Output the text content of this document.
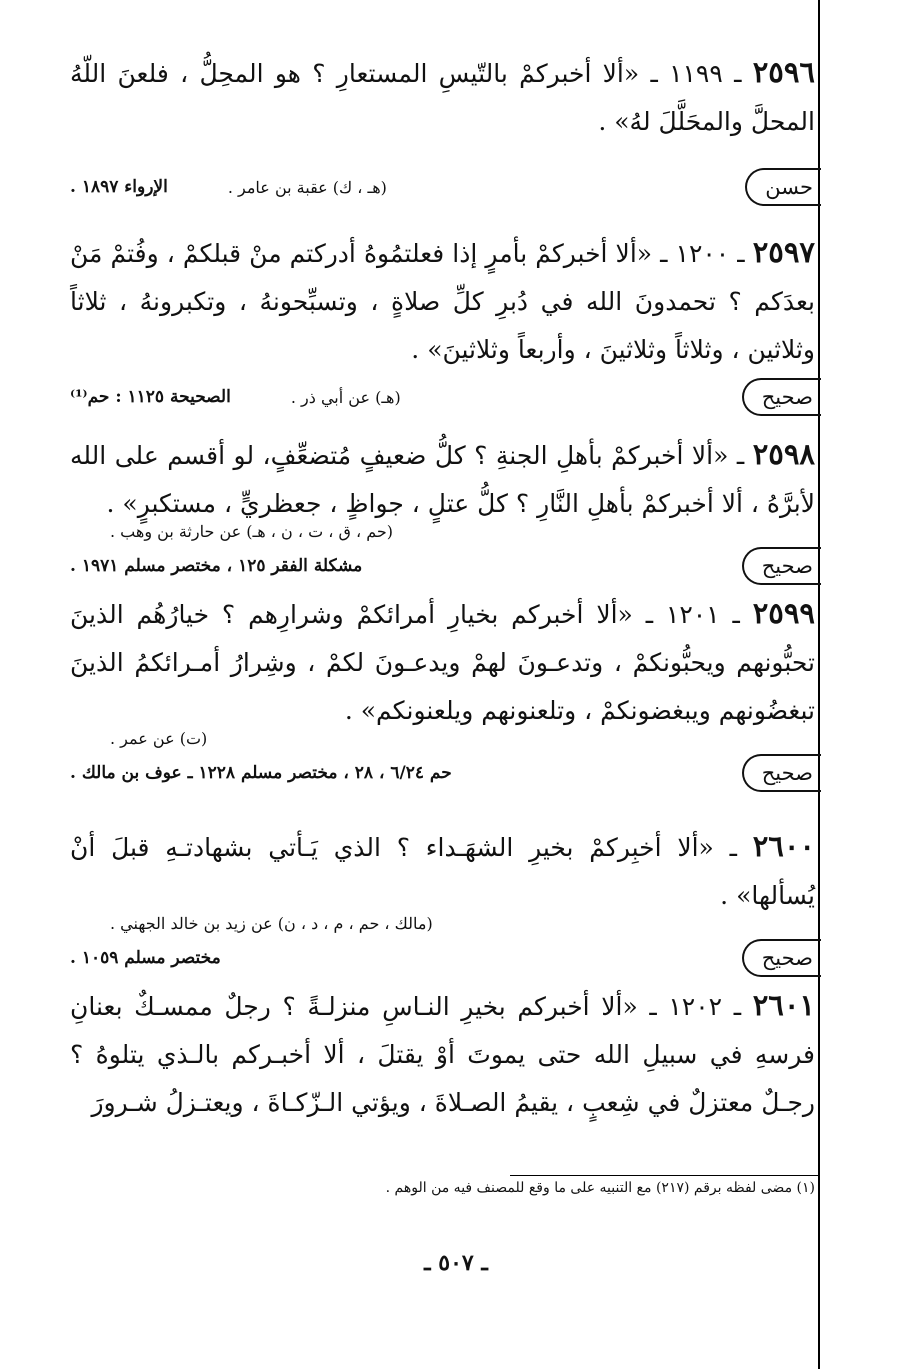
٢٥٩٦ ـ ١١٩٩ ـ «ألا أخبركمْ بالتّيسِ المستعارِ ؟ هو المحِلُّ ، فلعنَ اللّهُ المحلَّ والمحَلَّلَ لهُ» .
حسن
(هـ ، ك) عقبة بن عامر .
الإرواء ١٨٩٧ .
٢٥٩٧ ـ ١٢٠٠ ـ «ألا أخبركمْ بأمرٍ إذا فعلتمُوهُ أدركتم منْ قبلكمْ ، وفُتمْ مَنْ بعدَكم ؟ تحمدونَ الله في دُبرِ كلِّ صلاةٍ ، وتسبِّحونهُ ، وتكبرونهُ ، ثلاثاً وثلاثين ، وثلاثاً وثلاثينَ ، وأربعاً وثلاثينَ» .
صحيح
(هـ) عن أبي ذر .
الصحيحة ١١٢٥ : حم⁽¹⁾
٢٥٩٨ ـ «ألا أخبركمْ بأهلِ الجنةِ ؟ كلُّ ضعيفٍ مُتضعِّفٍ، لو أقسم على الله لأبرَّهُ ، ألا أخبركمْ بأهلِ النَّارِ ؟ كلُّ عتلٍ ، جواظٍ ، جعظريٍّ ، مستكبرٍ» .
(حم ، ق ، ت ، ن ، هـ) عن حارثة بن وهب .
صحيح
مشكلة الفقر ١٢٥ ، مختصر مسلم ١٩٧١ .
٢٥٩٩ ـ ١٢٠١ ـ «ألا أخبركم بخيارِ أمرائكمْ وشرارِهم ؟ خيارُهُم الذينَ تحبُّونهم ويحبُّونكمْ ، وتدعـونَ لهمْ ويدعـونَ لكمْ ، وشِرارُ أمـرائكمُ الذينَ تبغضُونهم ويبغضونكمْ ، وتلعنونهم ويلعنونكم» .
(ت) عن عمر .
صحيح
حم ٦/٢٤ ، ٢٨ ، مختصر مسلم ١٢٢٨ ـ عوف بن مالك .
٢٦٠٠ ـ «ألا أخبِركمْ بخيرِ الشهَـداء ؟ الذي يَـأتي بشهادتـهِ قبلَ أنْ يُسألها» .
(مالك ، حم ، م ، د ، ن) عن زيد بن خالد الجهني .
صحيح
مختصر مسلم ١٠٥٩ .
٢٦٠١ ـ ١٢٠٢ ـ «ألا أخبركم بخيرِ النـاسِ منزلـةً ؟ رجلٌ ممسـكٌ بعنانِ فرسهِ في سبيلِ الله حتى يموتَ أوْ يقتلَ ، ألا أخبـركم بالـذي يتلوهُ ؟ رجـلٌ معتزلٌ في شِعبٍ ، يقيمُ الصـلاةَ ، ويؤتي الـزّكـاةَ ، ويعتـزلُ شـرورَ
(١) مضى لفظه برقم (٢١٧) مع التنبيه على ما وقع للمصنف فيه من الوهم .
ـ ٥٠٧ ـ
